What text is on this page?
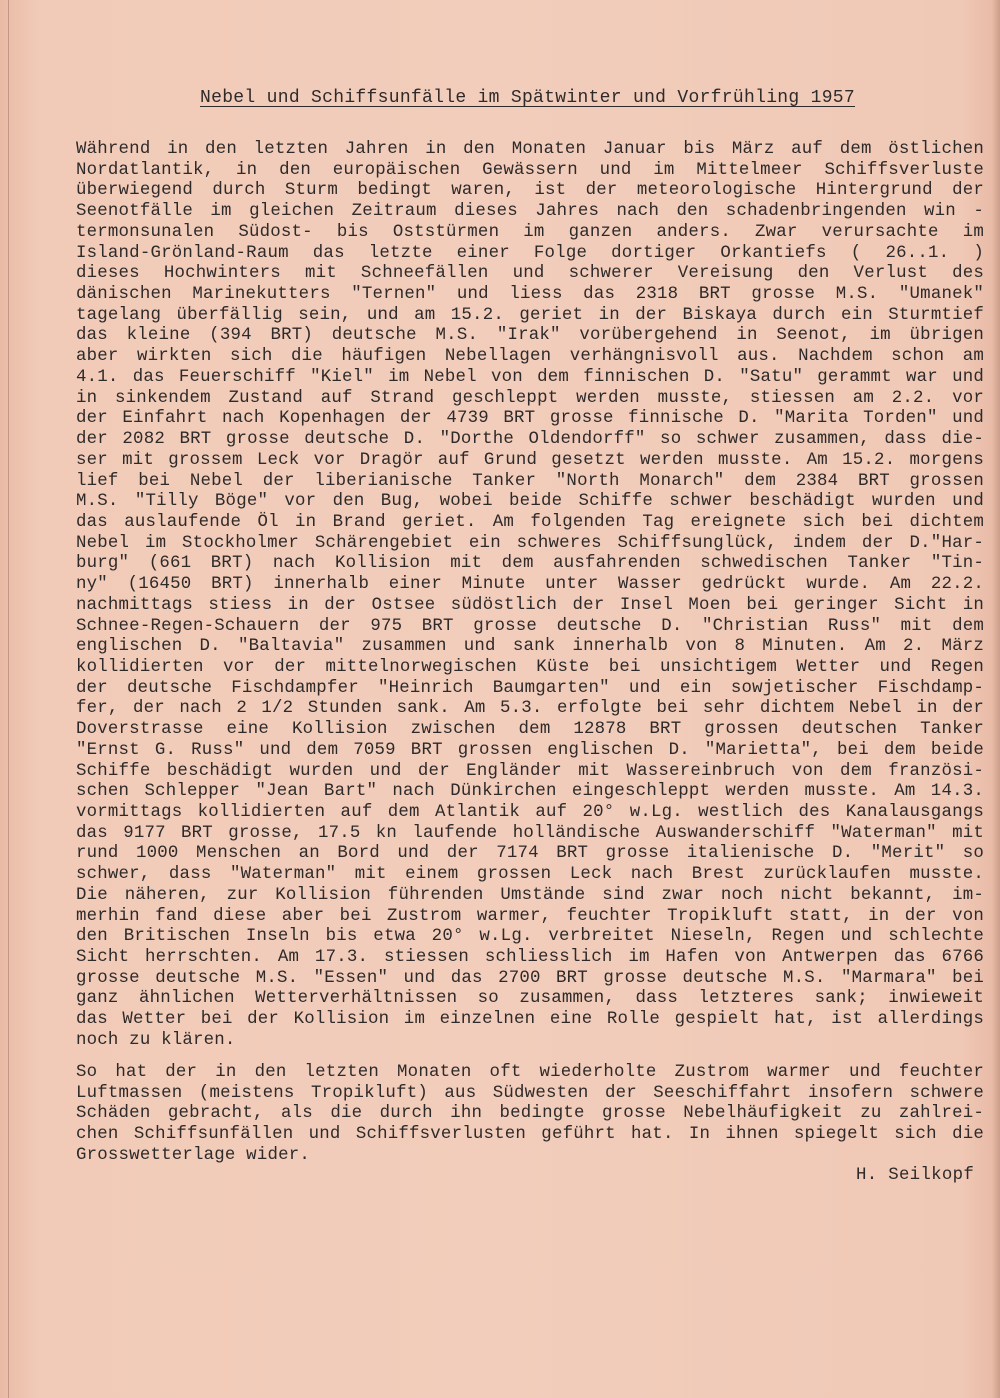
Nebel und Schiffsunfälle im Spätwinter und Vorfrühling 1957
Während in den letzten Jahren in den Monaten Januar bis März auf dem östlichen
Nordatlantik, in den europäischen Gewässern und im Mittelmeer Schiffsverluste
überwiegend durch Sturm bedingt waren, ist der meteorologische Hintergrund der
Seenotfälle im gleichen Zeitraum dieses Jahres nach den schadenbringenden win -
termonsunalen Südost- bis Oststürmen im ganzen anders. Zwar verursachte im
Island-Grönland-Raum das letzte einer Folge dortiger Orkantiefs ( 26..1. )
dieses Hochwinters mit Schneefällen und schwerer Vereisung den Verlust des
dänischen Marinekutters "Ternen" und liess das 2318 BRT grosse M.S. "Umanek"
tagelang überfällig sein, und am 15.2. geriet in der Biskaya durch ein Sturmtief
das kleine (394 BRT) deutsche M.S. "Irak" vorübergehend in Seenot, im übrigen
aber wirkten sich die häufigen Nebellagen verhängnisvoll aus. Nachdem schon am
4.1. das Feuerschiff "Kiel" im Nebel von dem finnischen D. "Satu" gerammt war und
in sinkendem Zustand auf Strand geschleppt werden musste, stiessen am 2.2. vor
der Einfahrt nach Kopenhagen der 4739 BRT grosse finnische D. "Marita Torden" und
der 2082 BRT grosse deutsche D. "Dorthe Oldendorff" so schwer zusammen, dass die-
ser mit grossem Leck vor Dragör auf Grund gesetzt werden musste. Am 15.2. morgens
lief bei Nebel der liberianische Tanker "North Monarch" dem 2384 BRT grossen
M.S. "Tilly Böge" vor den Bug, wobei beide Schiffe schwer beschädigt wurden und
das auslaufende Öl in Brand geriet. Am folgenden Tag ereignete sich bei dichtem
Nebel im Stockholmer Schärengebiet ein schweres Schiffsunglück, indem der D."Har-
burg" (661 BRT) nach Kollision mit dem ausfahrenden schwedischen Tanker "Tin-
ny" (16450 BRT) innerhalb einer Minute unter Wasser gedrückt wurde. Am 22.2.
nachmittags stiess in der Ostsee südöstlich der Insel Moen bei geringer Sicht in
Schnee-Regen-Schauern der 975 BRT grosse deutsche D. "Christian Russ" mit dem
englischen D. "Baltavia" zusammen und sank innerhalb von 8 Minuten. Am 2. März
kollidierten vor der mittelnorwegischen Küste bei unsichtigem Wetter und Regen
der deutsche Fischdampfer "Heinrich Baumgarten" und ein sowjetischer Fischdamp-
fer, der nach 2 1/2 Stunden sank. Am 5.3. erfolgte bei sehr dichtem Nebel in der
Doverstrasse eine Kollision zwischen dem 12878 BRT grossen deutschen Tanker
"Ernst G. Russ" und dem 7059 BRT grossen englischen D. "Marietta", bei dem beide
Schiffe beschädigt wurden und der Engländer mit Wassereinbruch von dem französi-
schen Schlepper "Jean Bart" nach Dünkirchen eingeschleppt werden musste. Am 14.3.
vormittags kollidierten auf dem Atlantik auf 20° w.Lg. westlich des Kanalausgangs
das 9177 BRT grosse, 17.5 kn laufende holländische Auswanderschiff "Waterman" mit
rund 1000 Menschen an Bord und der 7174 BRT grosse italienische D. "Merit" so
schwer, dass "Waterman" mit einem grossen Leck nach Brest zurücklaufen musste.
Die näheren, zur Kollision führenden Umstände sind zwar noch nicht bekannt, im-
merhin fand diese aber bei Zustrom warmer, feuchter Tropikluft statt, in der von
den Britischen Inseln bis etwa 20° w.Lg. verbreitet Nieseln, Regen und schlechte
Sicht herrschten. Am 17.3. stiessen schliesslich im Hafen von Antwerpen das 6766
grosse deutsche M.S. "Essen" und das 2700 BRT grosse deutsche M.S. "Marmara" bei
ganz ähnlichen Wetterverhältnissen so zusammen, dass letzteres sank; inwieweit
das Wetter bei der Kollision im einzelnen eine Rolle gespielt hat, ist allerdings
noch zu klären.
So hat der in den letzten Monaten oft wiederholte Zustrom warmer und feuchter
Luftmassen (meistens Tropikluft) aus Südwesten der Seeschiffahrt insofern schwere
Schäden gebracht, als die durch ihn bedingte grosse Nebelhäufigkeit zu zahlrei-
chen Schiffsunfällen und Schiffsverlusten geführt hat. In ihnen spiegelt sich die
Grosswetterlage wider.
H. Seilkopf
